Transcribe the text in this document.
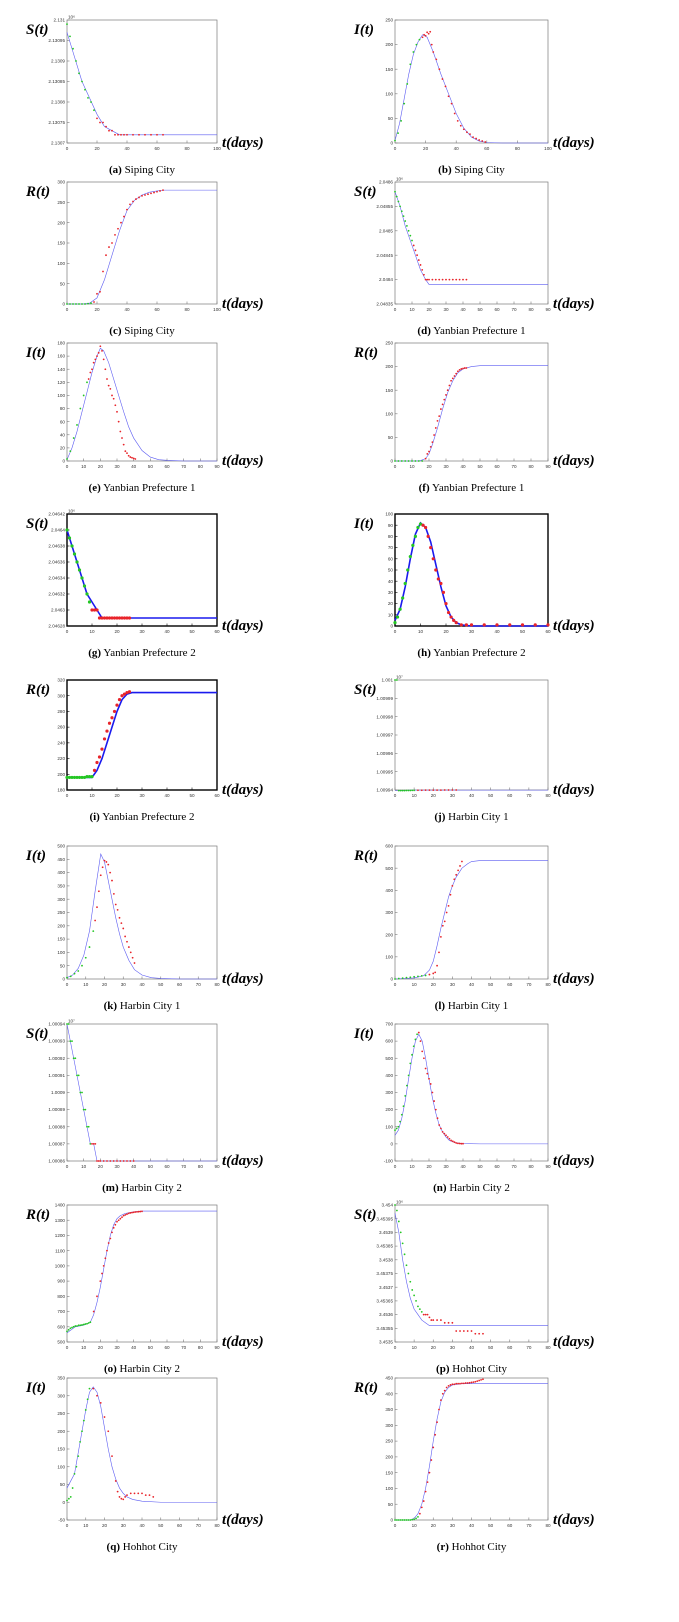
2.1307
2.13075
2.1308
2.13085
2.1309
2.13095
2.131
0	20	40	60	80	100
10⁶
S(t)
t(days)
(a) Siping City
0
50
100
150
200
250
0	20	40	60	80	100
I(t)
t(days)
(b) Siping City
0
50
100
150
200
250
300
0	20	40	60	80	100
R(t)
t(days)
(c) Siping City
2.04835
2.0484
2.04845
2.0485
2.04855
2.0486
0	10	20	30	40	50	60	70	80	90
10⁶
S(t)
t(days)
(d) Yanbian Prefecture 1
0
20
40
60
80
100
120
140
160
180
0	10	20	30	40	50	60	70	80	90
I(t)
t(days)
(e) Yanbian Prefecture 1
0
50
100
150
200
250
0	10	20	30	40	50	60	70	80	90
R(t)
t(days)
(f) Yanbian Prefecture 1
2.04628
2.0463
2.04632
2.04634
2.04636
2.04638
2.0464
2.04642
0	10	20	30	40	50	60
10⁶
S(t)
t(days)
(g) Yanbian Prefecture 2
0
10
20
30
40
50
60
70
80
90
100
0	10	20	30	40	50	60
I(t)
t(days)
(h) Yanbian Prefecture 2
180
200
220
240
260
280
300
320
0	10	20	30	40	50	60
R(t)
t(days)
(i) Yanbian Prefecture 2
1.00994
1.00995
1.00996
1.00997
1.00998
1.00999
1.001
0	10	20	30	40	50	60	70	80
10⁷
S(t)
t(days)
(j) Harbin City 1
0
50
100
150
200
250
300
350
400
450
500
0	10	20	30	40	50	60	70	80
I(t)
t(days)
(k) Harbin City 1
0
100
200
300
400
500
600
0	10	20	30	40	50	60	70	80
R(t)
t(days)
(l) Harbin City 1
1.00086
1.00087
1.00088
1.00089
1.0009
1.00091
1.00092
1.00093
1.00094
0	10	20	30	40	50	60	70	80	90
10⁷
S(t)
t(days)
(m) Harbin City 2
-100
0
100
200
300
400
500
600
700
0	10	20	30	40	50	60	70	80	90
I(t)
t(days)
(n) Harbin City 2
500
600
700
800
900
1000
1100
1200
1300
1400
0	10	20	30	40	50	60	70	80	90
R(t)
t(days)
(o) Harbin City 2
3.4535
3.45355
3.4536
3.45365
3.4537
3.45375
3.4538
3.45385
3.4539
3.45395
3.454
0	10	20	30	40	50	60	70	80
10⁶
S(t)
t(days)
(p) Hohhot City
-50
0
50
100
150
200
250
300
350
0	10	20	30	40	50	60	70	80
I(t)
t(days)
(q) Hohhot City
0
50
100
150
200
250
300
350
400
450
0	10	20	30	40	50	60	70	80
R(t)
t(days)
(r) Hohhot City
